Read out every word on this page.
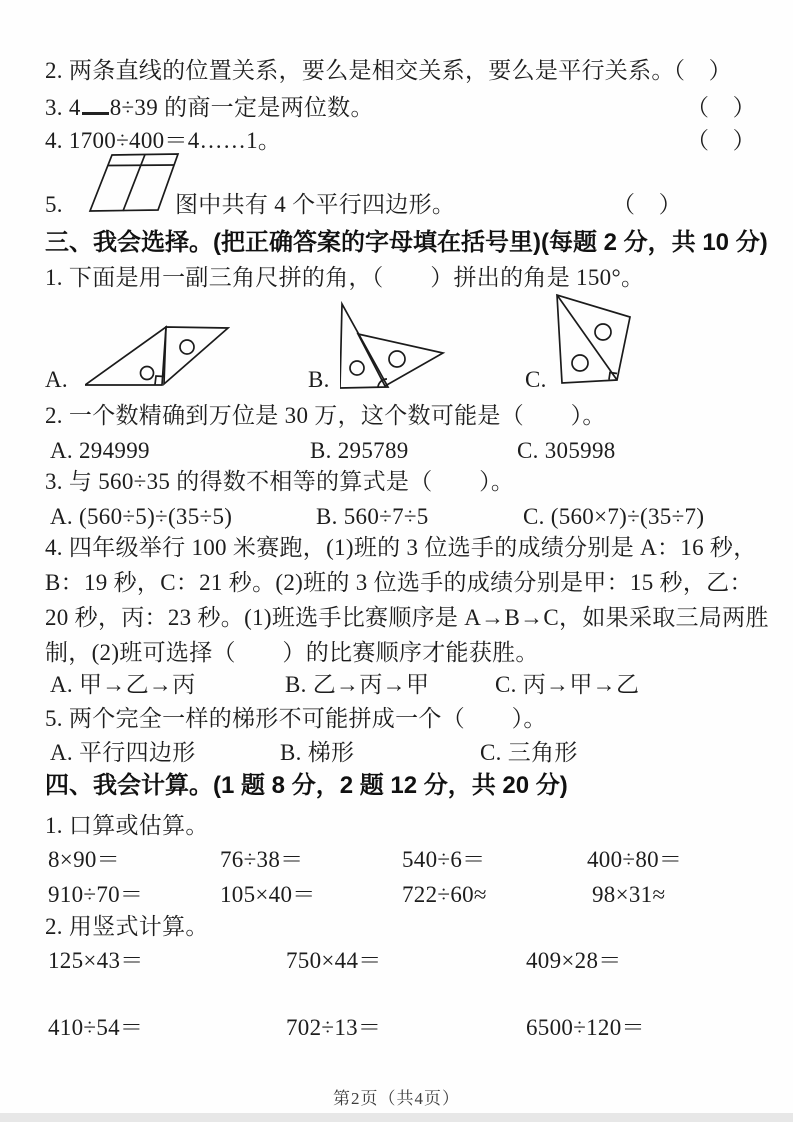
2. 两条直线的位置关系，要么是相交关系，要么是平行关系。
（　）
3. 4 8÷39 的商一定是两位数。	（　）
4. 1700÷400＝4……1。	（　）
5.	图中共有 4 个平行四边形。	（　）
三、我会选择。(把正确答案的字母填在括号里)(每题 2 分，共 10 分)
1. 下面是用一副三角尺拼的角，（　　）拼出的角是 150°。
A.	B.	C.
2. 一个数精确到万位是 30 万，这个数可能是（　　）。
A. 294999	B. 295789	C. 305998
3. 与 560÷35 的得数不相等的算式是（　　）。
A. (560÷5)÷(35÷5)	B. 560÷7÷5	C. (560×7)÷(35÷7)
4. 四年级举行 100 米赛跑，(1)班的 3 位选手的成绩分别是 A：16 秒，
B：19 秒，C：21 秒。(2)班的 3 位选手的成绩分别是甲：15 秒，乙：
20 秒，丙：23 秒。(1)班选手比赛顺序是 A→B→C，如果采取三局两胜
制，(2)班可选择（　　）的比赛顺序才能获胜。
A. 甲→乙→丙	B. 乙→丙→甲	C. 丙→甲→乙
5. 两个完全一样的梯形不可能拼成一个（　　）。
A. 平行四边形	B. 梯形	C. 三角形
四、我会计算。(1 题 8 分，2 题 12 分，共 20 分)
1. 口算或估算。
8×90＝	76÷38＝	540÷6＝	400÷80＝
910÷70＝	105×40＝	722÷60≈	98×31≈
2. 用竖式计算。
125×43＝	750×44＝	409×28＝
410÷54＝	702÷13＝	6500÷120＝
第2页（共4页）
